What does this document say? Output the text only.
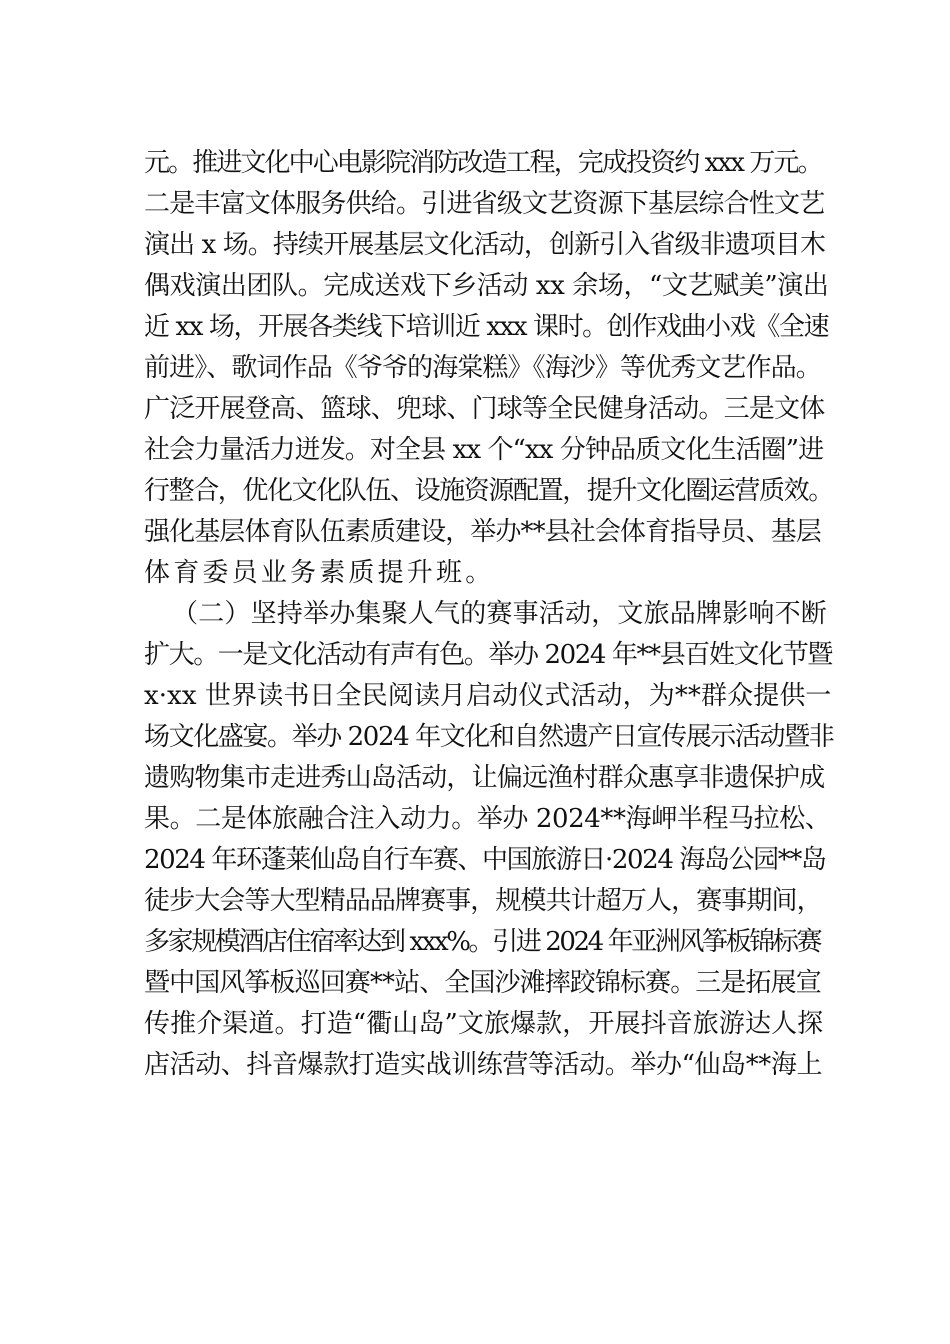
元。推进文化中心电影院消防改造工程，完成投资约 xxx 万元。
二是丰富文体服务供给。引进省级文艺资源下基层综合性文艺
演出 x 场。持续开展基层文化活动，创新引入省级非遗项目木
偶戏演出团队。完成送戏下乡活动 xx 余场，“文艺赋美”演出
近 xx 场，开展各类线下培训近 xxx 课时。创作戏曲小戏《全速
前进》、歌词作品《爷爷的海棠糕》《海沙》等优秀文艺作品。
广泛开展登高、篮球、兜球、门球等全民健身活动。三是文体
社会力量活力迸发。对全县 xx 个“xx 分钟品质文化生活圈”进
行整合，优化文化队伍、设施资源配置，提升文化圈运营质效。
强化基层体育队伍素质建设，举办**县社会体育指导员、基层
体育委员业务素质提升班。
（二）坚持举办集聚人气的赛事活动，文旅品牌影响不断
扩大。一是文化活动有声有色。举办 2024 年**县百姓文化节暨
x·xx 世界读书日全民阅读月启动仪式活动，为**群众提供一
场文化盛宴。举办 2024 年文化和自然遗产日宣传展示活动暨非
遗购物集市走进秀山岛活动，让偏远渔村群众惠享非遗保护成
果。二是体旅融合注入动力。举办 2024**海岬半程马拉松、
2024 年环蓬莱仙岛自行车赛、中国旅游日·2024 海岛公园**岛
徒步大会等大型精品品牌赛事，规模共计超万人，赛事期间，
多家规模酒店住宿率达到 xxx%。引进 2024 年亚洲风筝板锦标赛
暨中国风筝板巡回赛**站、全国沙滩摔跤锦标赛。三是拓展宣
传推介渠道。打造“衢山岛”文旅爆款，开展抖音旅游达人探
店活动、抖音爆款打造实战训练营等活动。举办“仙岛**海上
